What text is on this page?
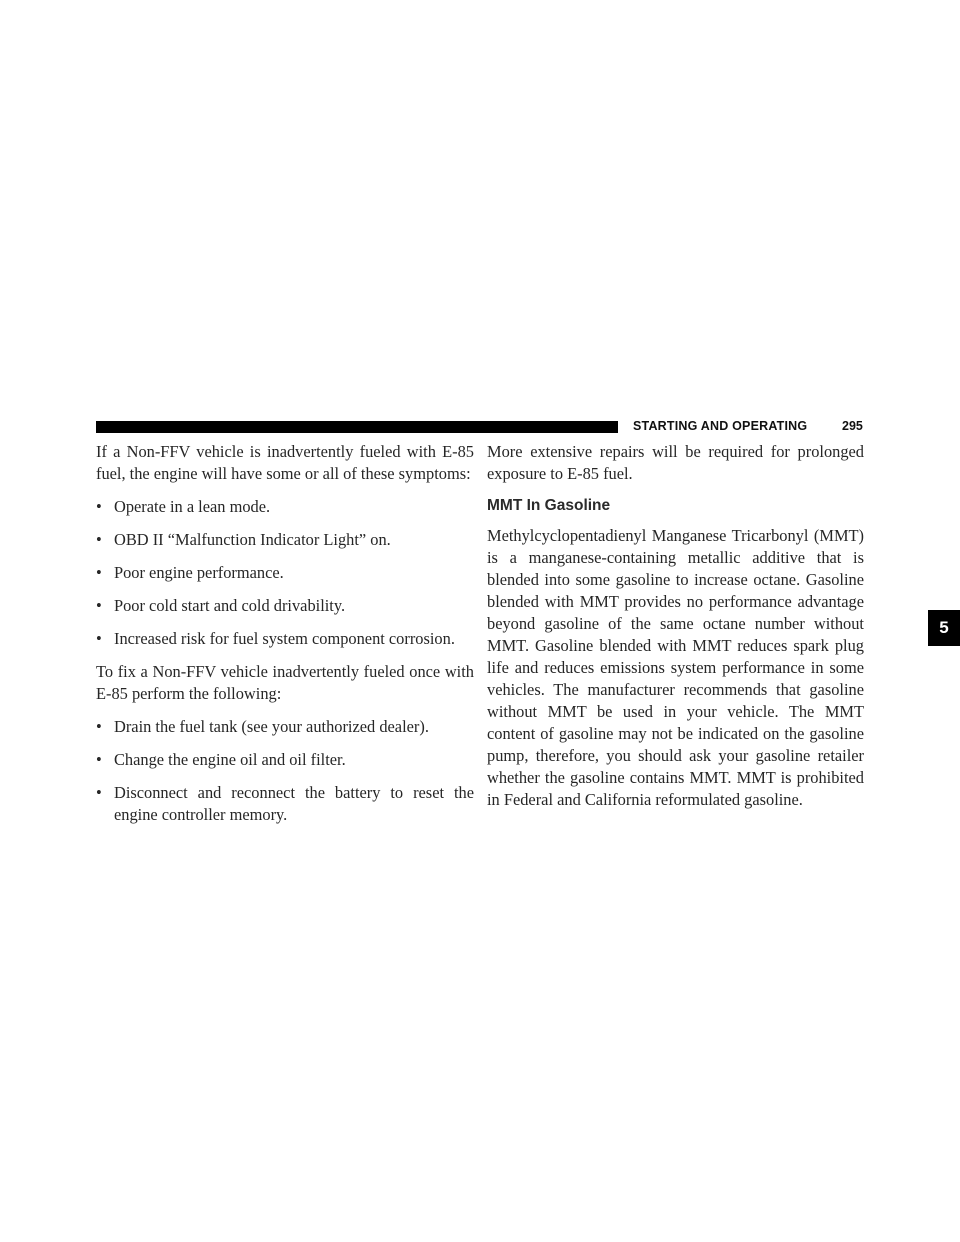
STARTING AND OPERATING	295
5

If a Non-FFV vehicle is inadvertently fueled with E-85 fuel, the engine will have some or all of these symptoms:

• Operate in a lean mode.
• OBD II “Malfunction Indicator Light” on.
• Poor engine performance.
• Poor cold start and cold drivability.
• Increased risk for fuel system component corrosion.

To fix a Non-FFV vehicle inadvertently fueled once with E-85 perform the following:

• Drain the fuel tank (see your authorized dealer).
• Change the engine oil and oil filter.
• Disconnect and reconnect the battery to reset the engine controller memory.

More extensive repairs will be required for prolonged exposure to E-85 fuel.

MMT In Gasoline

Methylcyclopentadienyl Manganese Tricarbonyl (MMT) is a manganese-containing metallic additive that is blended into some gasoline to increase octane. Gasoline blended with MMT provides no performance advantage beyond gasoline of the same octane number without MMT. Gasoline blended with MMT reduces spark plug life and reduces emissions system performance in some vehicles. The manufacturer recommends that gasoline without MMT be used in your vehicle. The MMT content of gasoline may not be indicated on the gasoline pump, therefore, you should ask your gasoline retailer whether the gasoline contains MMT. MMT is prohibited in Federal and California reformulated gasoline.
